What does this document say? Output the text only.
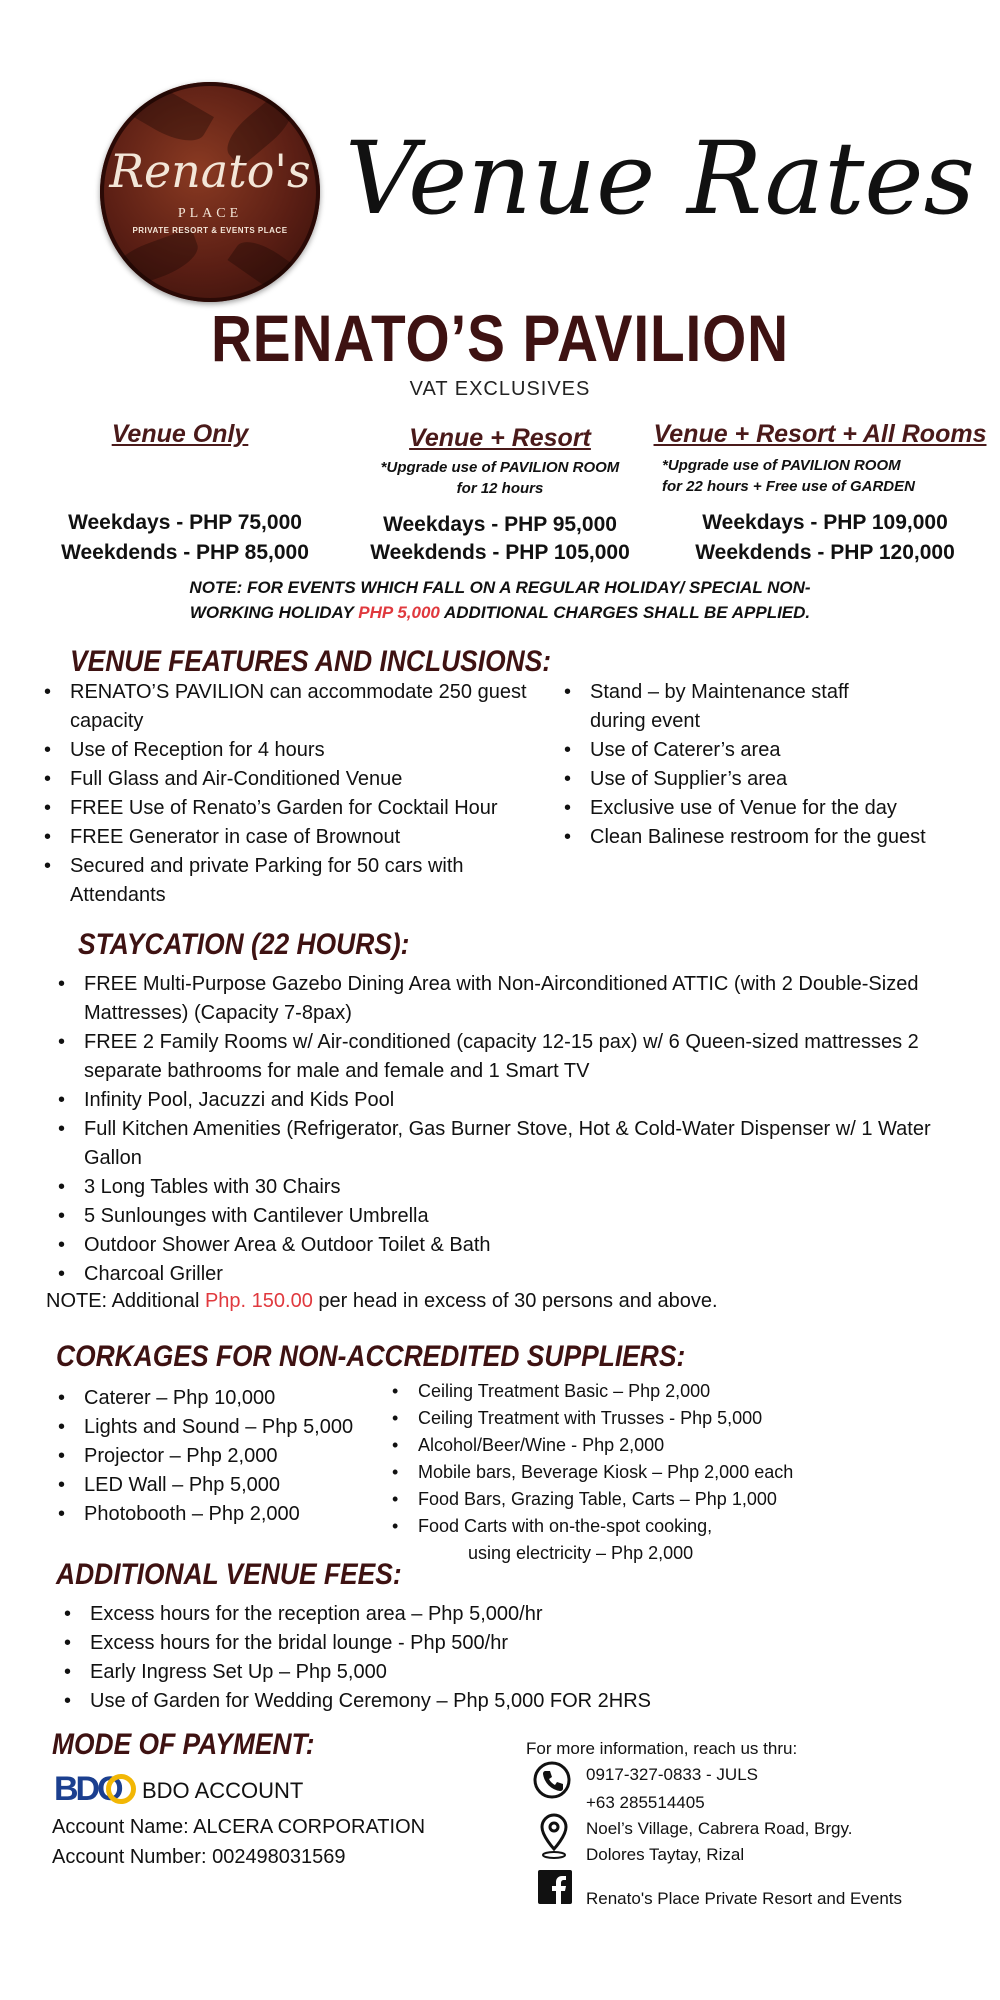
Renato's
PLACE
PRIVATE RESORT & EVENTS PLACE Venue Rates
RENATO’S PAVILION
VAT EXCLUSIVES
Venue Only	Venue + Resort
*Upgrade use of PAVILION ROOM
for 12 hours
Venue + Resort + All Rooms
*Upgrade use of PAVILION ROOM
for 22 hours + Free use of GARDEN
Weekdays - PHP 75,000
Weekdends - PHP 85,000
Weekdays - PHP 95,000
Weekdends - PHP 105,000
Weekdays - PHP 109,000
Weekdends - PHP 120,000
NOTE: FOR EVENTS WHICH FALL ON A REGULAR HOLIDAY/ SPECIAL NON-
WORKING HOLIDAY PHP 5,000 ADDITIONAL CHARGES SHALL BE APPLIED.
VENUE FEATURES AND INCLUSIONS:
• RENATO’S PAVILION can accommodate 250 guest capacity
• Use of Reception for 4 hours
• Full Glass and Air-Conditioned Venue
• FREE Use of Renato’s Garden for Cocktail Hour
• FREE Generator in case of Brownout
• Secured and private Parking for 50 cars with Attendants
• Stand – by Maintenance staff during event
• Use of Caterer’s area
• Use of Supplier’s area
• Exclusive use of Venue for the day
• Clean Balinese restroom for the guest
STAYCATION (22 HOURS):
• FREE Multi-Purpose Gazebo Dining Area with Non-Airconditioned ATTIC (with 2 Double-Sized Mattresses) (Capacity 7-8pax)
• FREE 2 Family Rooms w/ Air-conditioned (capacity 12-15 pax) w/ 6 Queen-sized mattresses 2 separate bathrooms for male and female and 1 Smart TV
• Infinity Pool, Jacuzzi and Kids Pool
• Full Kitchen Amenities (Refrigerator, Gas Burner Stove, Hot & Cold-Water Dispenser w/ 1 Water Gallon
• 3 Long Tables with 30 Chairs
• 5 Sunlounges with Cantilever Umbrella
• Outdoor Shower Area & Outdoor Toilet & Bath
• Charcoal Griller
NOTE: Additional Php. 150.00 per head in excess of 30 persons and above.
CORKAGES FOR NON-ACCREDITED SUPPLIERS:
• Caterer – Php 10,000
• Lights and Sound – Php 5,000
• Projector – Php 2,000
• LED Wall – Php 5,000
• Photobooth – Php 2,000
• Ceiling Treatment Basic – Php 2,000
• Ceiling Treatment with Trusses - Php 5,000
• Alcohol/Beer/Wine - Php 2,000
• Mobile bars, Beverage Kiosk – Php 2,000 each
• Food Bars, Grazing Table, Carts – Php 1,000
• Food Carts with on-the-spot cooking,
using electricity – Php 2,000
ADDITIONAL VENUE FEES:
• Excess hours for the reception area – Php 5,000/hr
• Excess hours for the bridal lounge - Php 500/hr
• Early Ingress Set Up – Php 5,000
• Use of Garden for Wedding Ceremony – Php 5,000 FOR 2HRS
MODE OF PAYMENT:
BDO BDO ACCOUNT
Account Name: ALCERA CORPORATION
Account Number: 002498031569
For more information, reach us thru:
0917-327-0833 - JULS
+63 285514405
Noel’s Village, Cabrera Road, Brgy.
Dolores Taytay, Rizal
Renato's Place Private Resort and Events
